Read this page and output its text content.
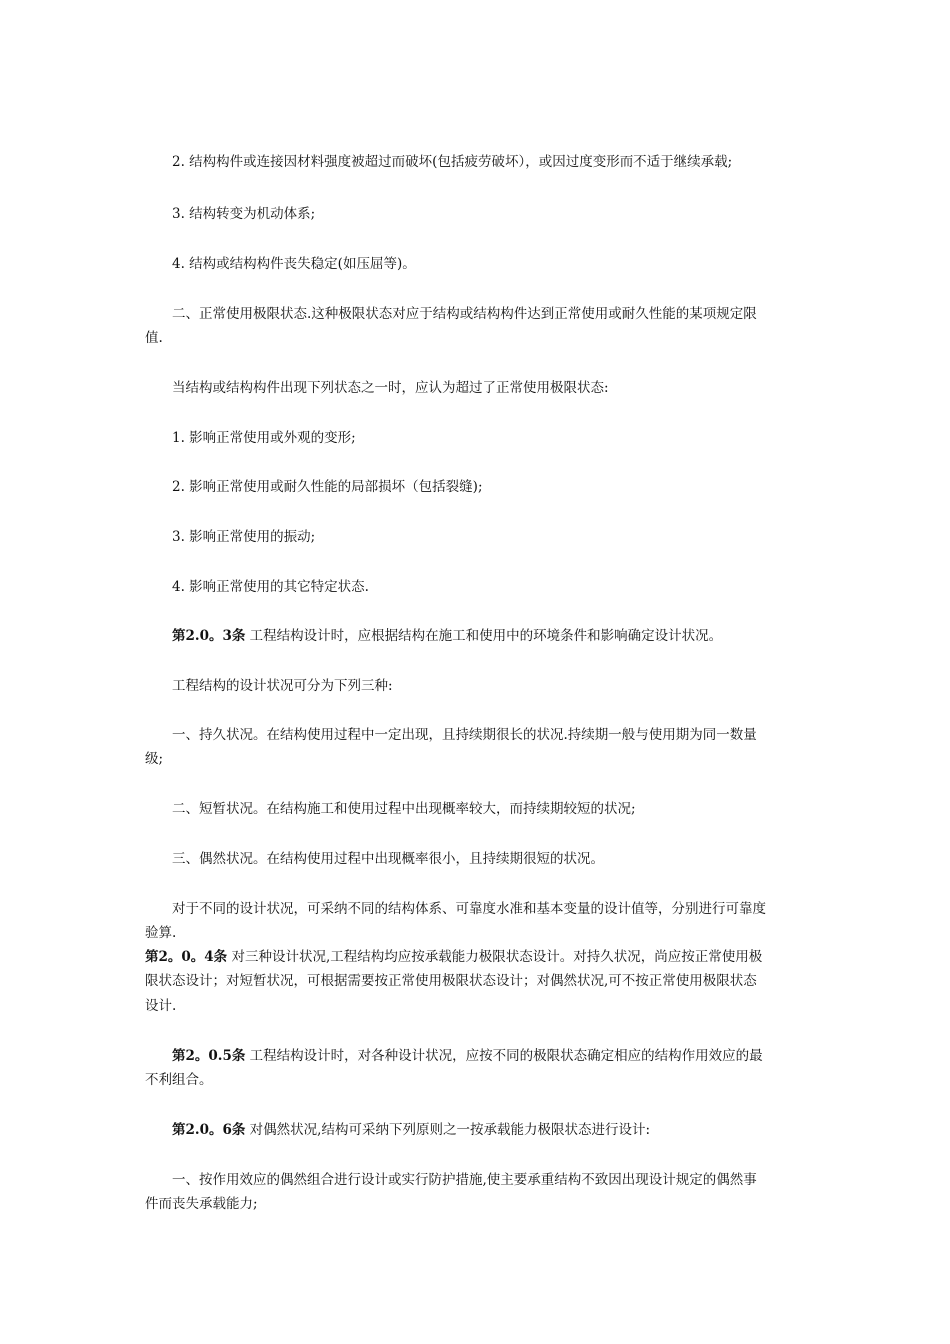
2. 结构构件或连接因材料强度被超过而破坏(包括疲劳破坏），或因过度变形而不适于继续承载;
3. 结构转变为机动体系;
4. 结构或结构构件丧失稳定(如压屈等)。
二、正常使用极限状态.这种极限状态对应于结构或结构构件达到正常使用或耐久性能的某项规定限
值.
当结构或结构构件出现下列状态之一时，应认为超过了正常使用极限状态:
1. 影响正常使用或外观的变形;
2. 影响正常使用或耐久性能的局部损坏（包括裂缝);
3. 影响正常使用的振动;
4. 影响正常使用的其它特定状态.
第2.0。3条 工程结构设计时，应根据结构在施工和使用中的环境条件和影响确定设计状况。
工程结构的设计状况可分为下列三种:
一、持久状况。在结构使用过程中一定出现，且持续期很长的状况.持续期一般与使用期为同一数量
级;
二、短暂状况。在结构施工和使用过程中出现概率较大，而持续期较短的状况;
三、偶然状况。在结构使用过程中出现概率很小，且持续期很短的状况。
对于不同的设计状况，可采纳不同的结构体系、可靠度水准和基本变量的设计值等，分别进行可靠度
验算.
第2。0。4条 对三种设计状况,工程结构均应按承载能力极限状态设计。对持久状况，尚应按正常使用极
限状态设计；对短暂状况，可根据需要按正常使用极限状态设计；对偶然状况,可不按正常使用极限状态
设计.
第2。0.5条 工程结构设计时，对各种设计状况，应按不同的极限状态确定相应的结构作用效应的最
不利组合。
第2.0。6条 对偶然状况,结构可采纳下列原则之一按承载能力极限状态进行设计:
一、按作用效应的偶然组合进行设计或实行防护措施,使主要承重结构不致因出现设计规定的偶然事
件而丧失承载能力;
